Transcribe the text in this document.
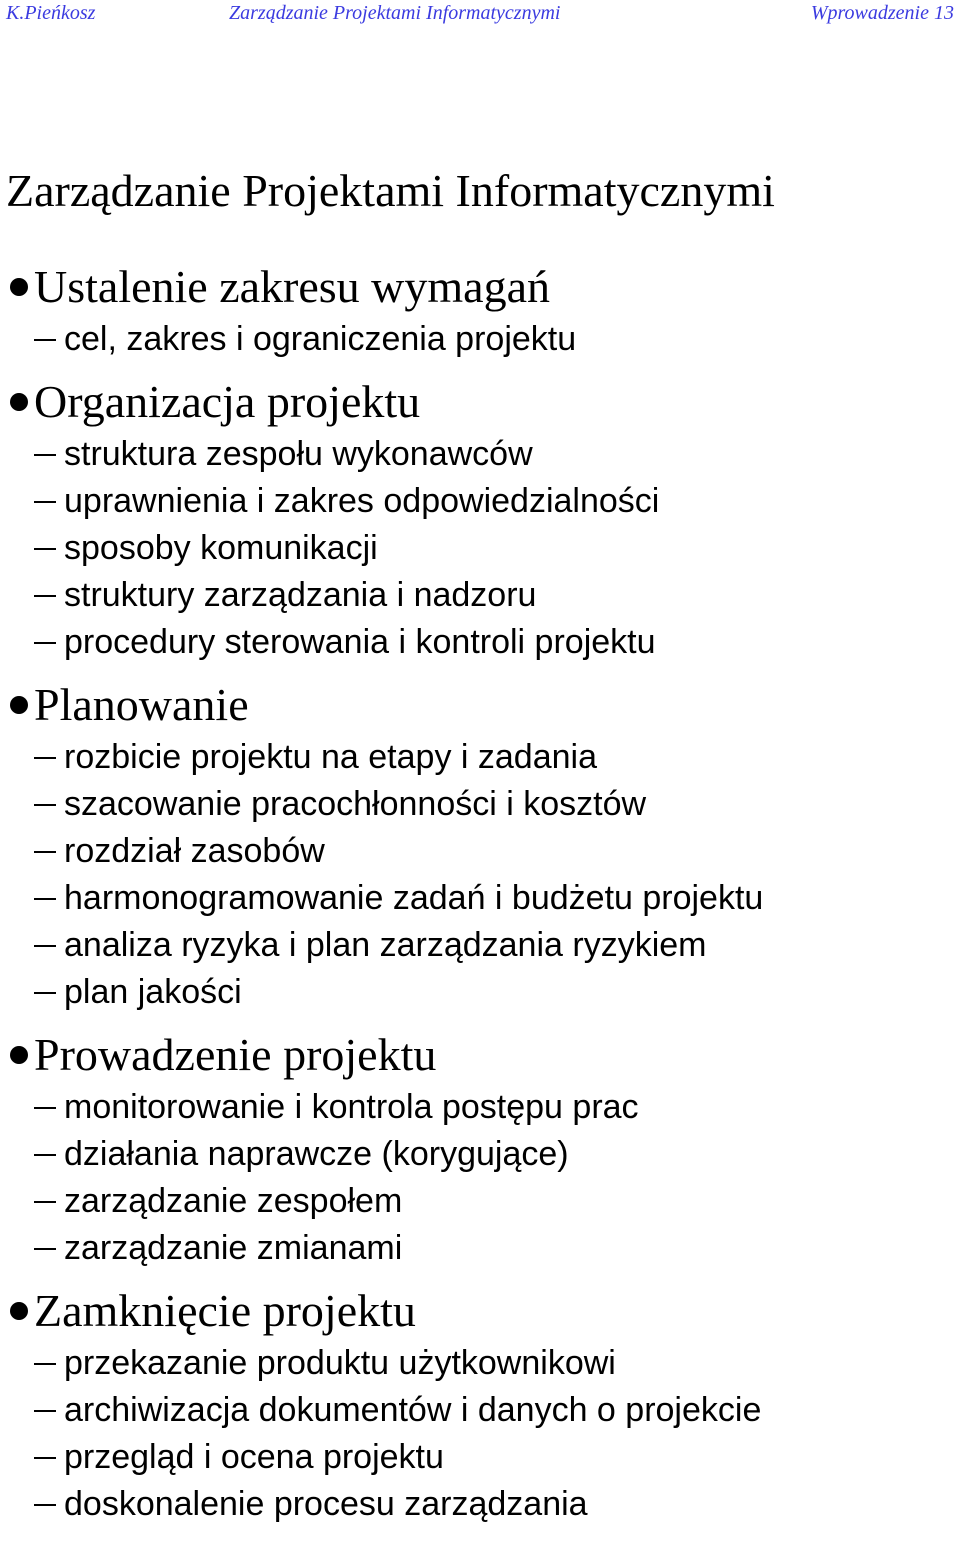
K.Pieńkosz	Zarządzanie Projektami Informatycznymi	Wprowadzenie 13
Zarządzanie Projektami Informatycznymi
Ustalenie zakresu wymagań
cel, zakres i ograniczenia projektu
Organizacja projektu
struktura zespołu wykonawców
uprawnienia i zakres odpowiedzialności
sposoby komunikacji
struktury zarządzania i nadzoru
procedury sterowania i kontroli projektu
Planowanie
rozbicie projektu na etapy i zadania
szacowanie pracochłonności i kosztów
rozdział zasobów
harmonogramowanie zadań i budżetu projektu
analiza ryzyka i plan zarządzania ryzykiem
plan jakości
Prowadzenie projektu
monitorowanie i kontrola postępu prac
działania naprawcze (korygujące)
zarządzanie zespołem
zarządzanie zmianami
Zamknięcie projektu
przekazanie produktu użytkownikowi
archiwizacja dokumentów i danych o projekcie
przegląd i ocena projektu
doskonalenie procesu zarządzania
